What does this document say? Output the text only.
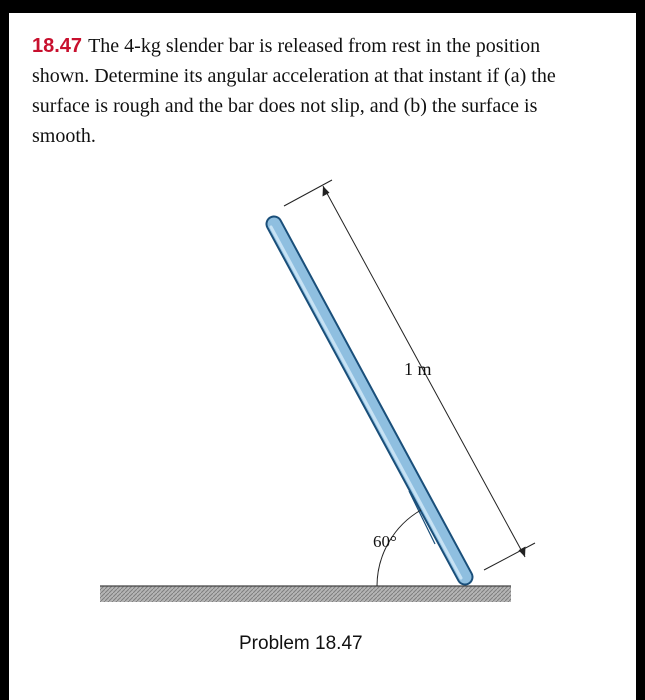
18.47 The 4-kg slender bar is released from rest in the position
shown. Determine its angular acceleration at that instant if (a) the
surface is rough and the bar does not slip, and (b) the surface is
smooth.
1 m
60°
Problem 18.47
